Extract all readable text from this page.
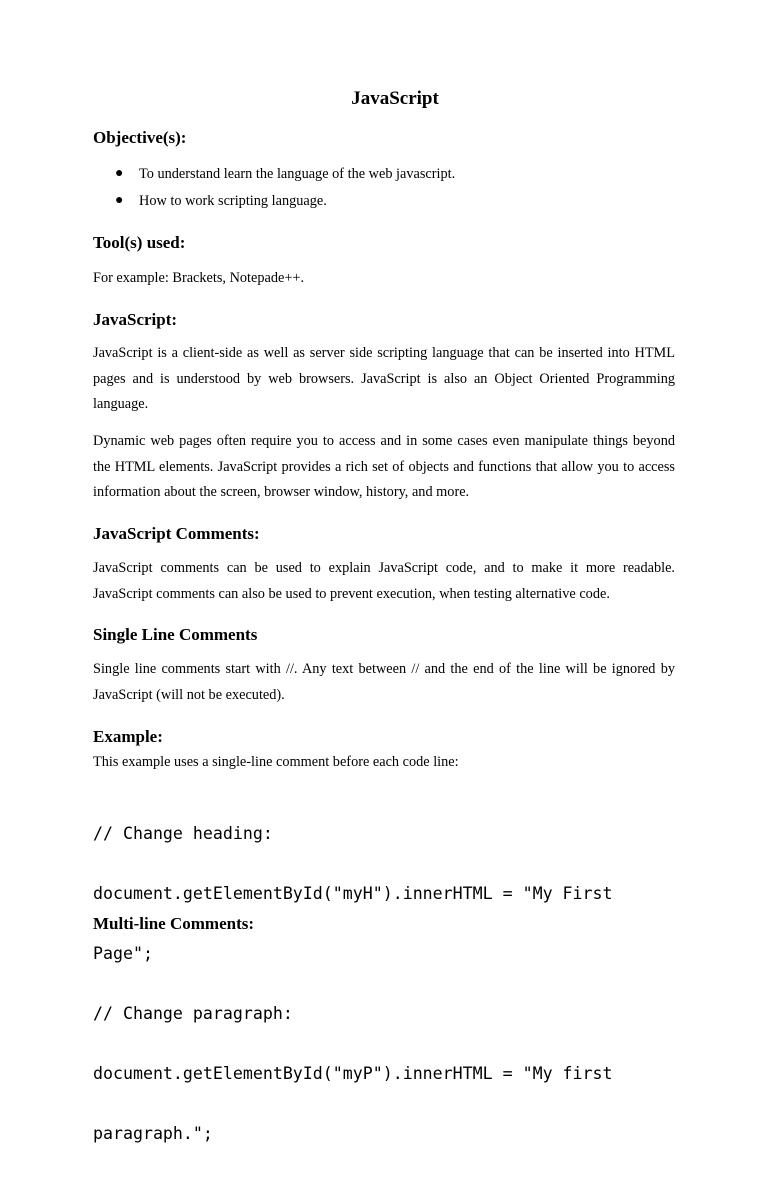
JavaScript
Objective(s):
● To understand learn the language of the web javascript.
● How to work scripting language.
Tool(s) used:

For example: Brackets, Notepade++.

JavaScript:

JavaScript is a client-side as well as server side scripting language that can be inserted into HTML pages and is understood by web browsers. JavaScript is also an Object Oriented Programming language.

Dynamic web pages often require you to access and in some cases even manipulate things beyond the HTML elements. JavaScript provides a rich set of objects and functions that allow you to access information about the screen, browser window, history, and more.

JavaScript Comments:

JavaScript comments can be used to explain JavaScript code, and to make it more readable. JavaScript comments can also be used to prevent execution, when testing alternative code.

Single Line Comments

Single line comments start with //. Any text between // and the end of the line will be ignored by JavaScript (will not be executed).

Example:

This example uses a single-line comment before each code line:

// Change heading:

document.getElementById("myH").innerHTML = "My First

Page";

// Change paragraph:

document.getElementById("myP").innerHTML = "My first

paragraph.";

Multi-line Comments:
